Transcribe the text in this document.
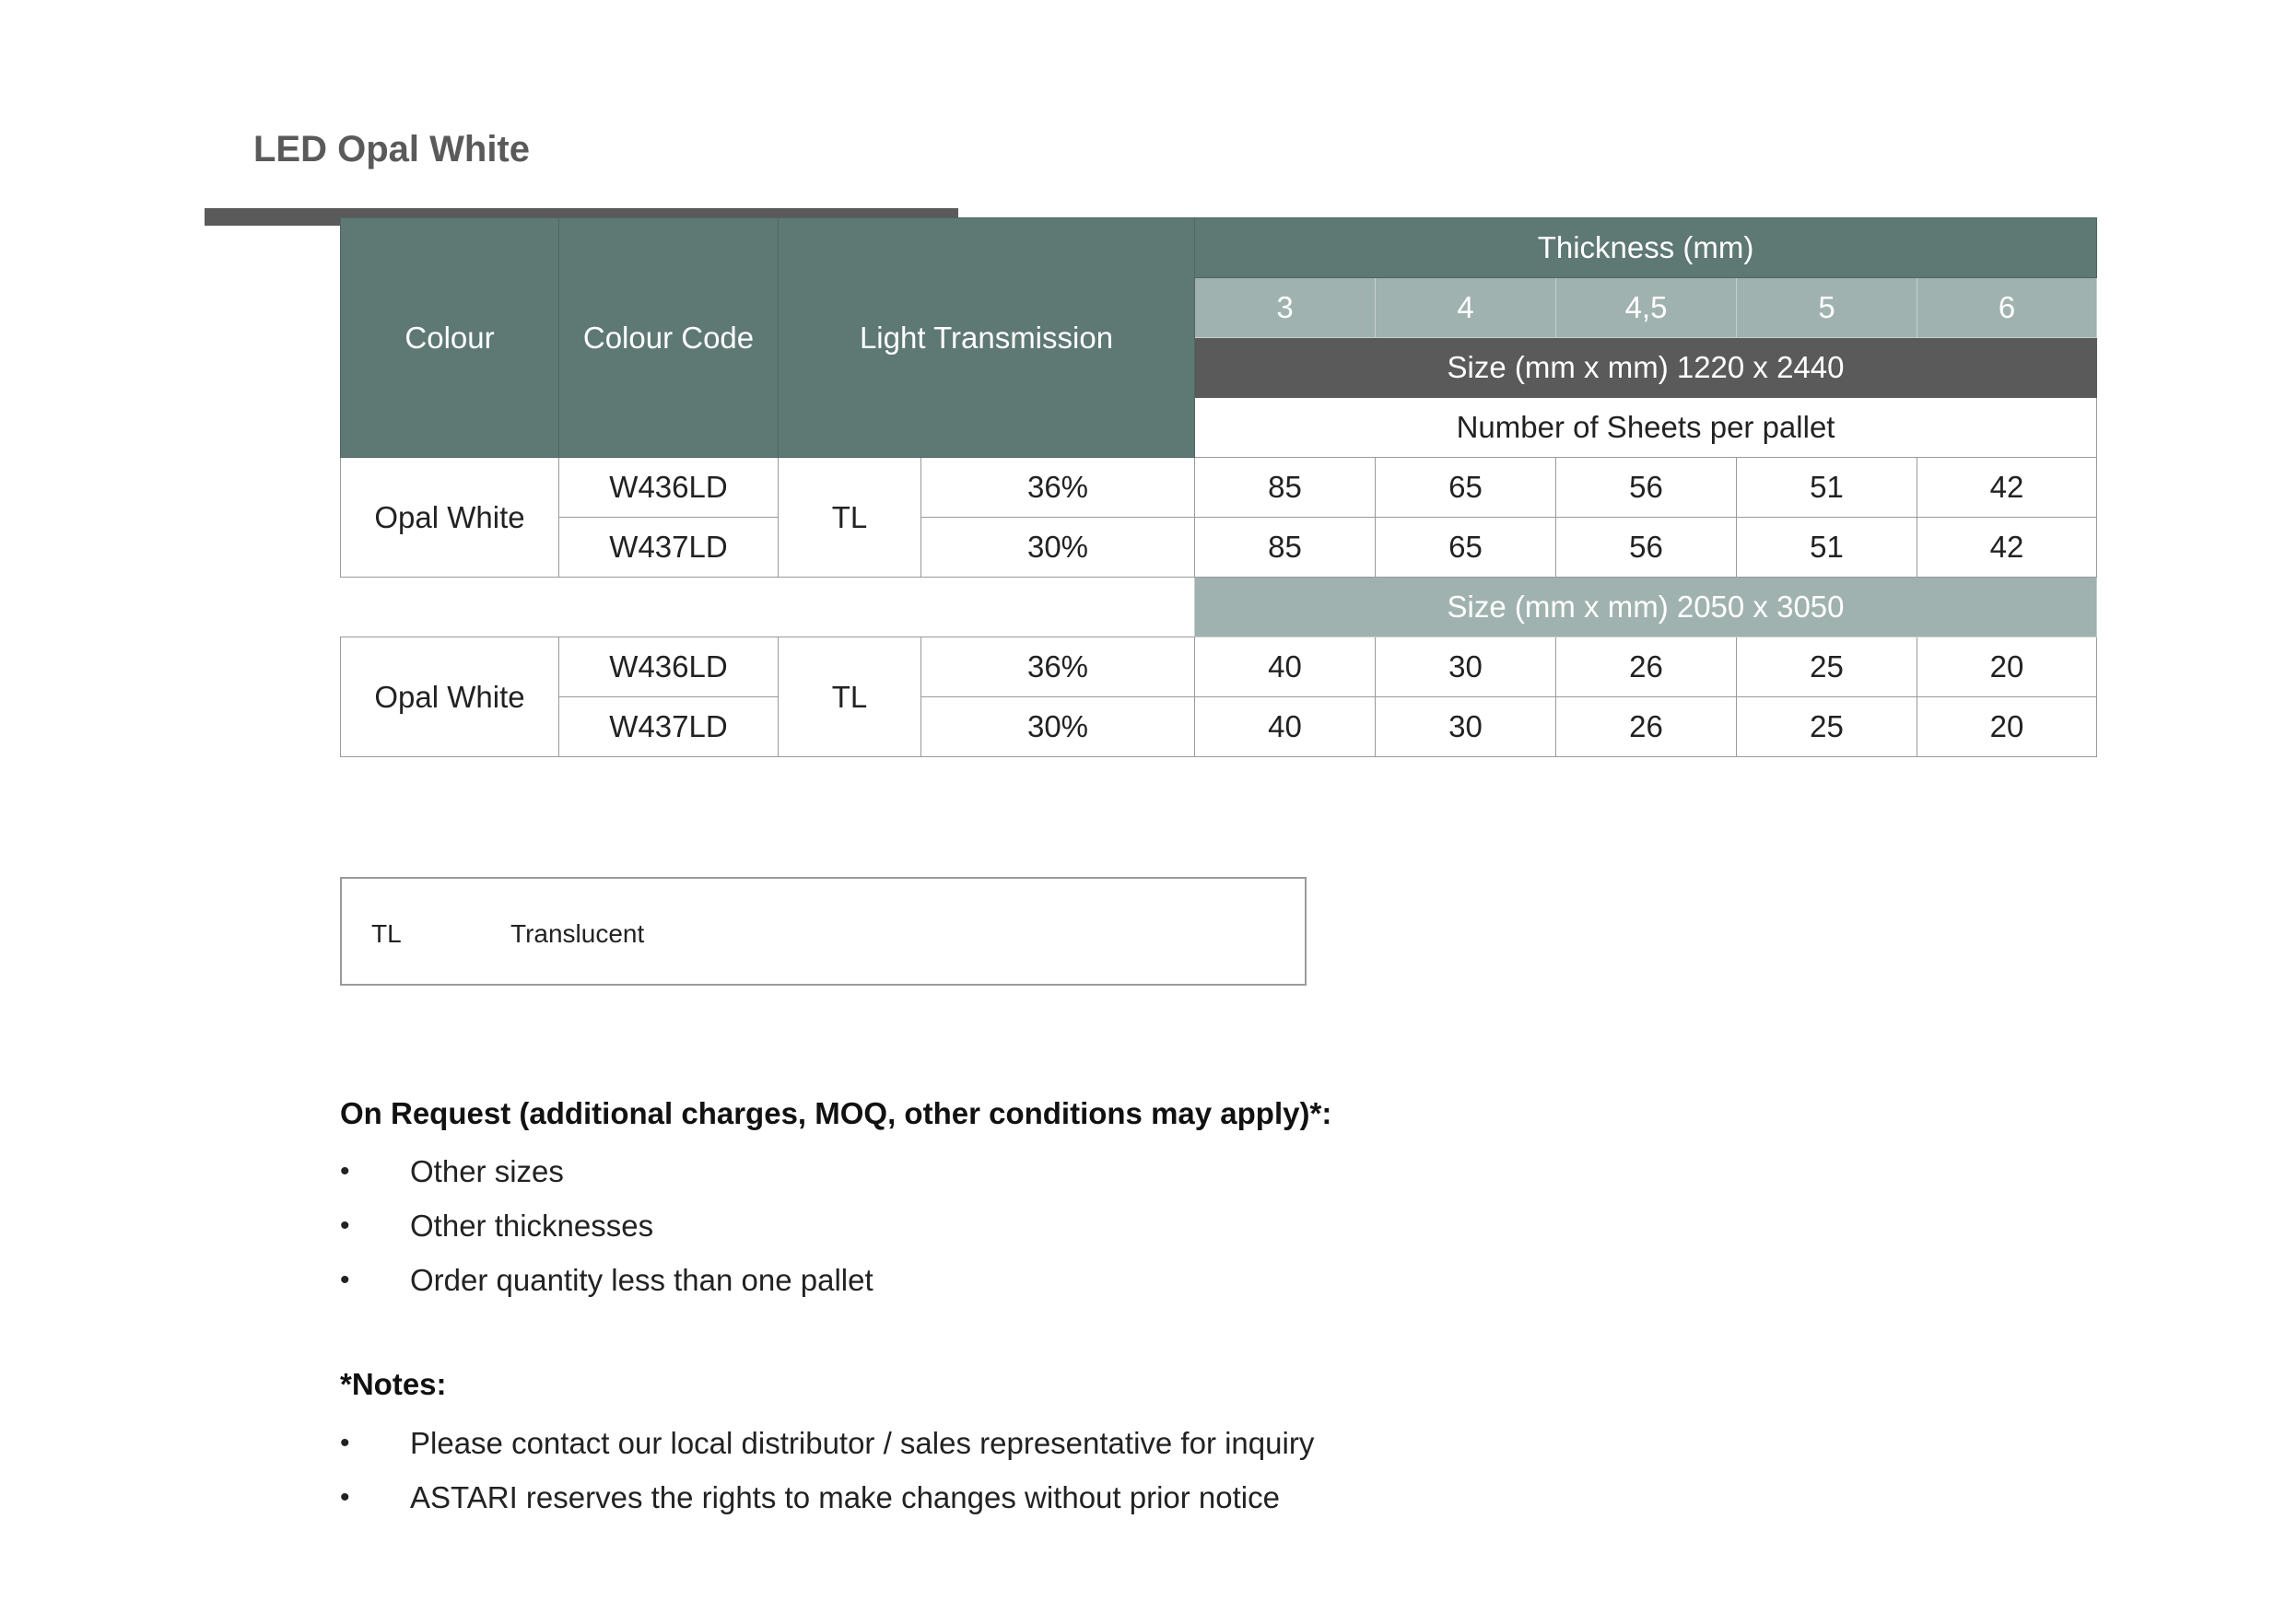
LED Opal White
Colour	Colour Code	Light Transmission		Thickness (mm)				
				3	4	4,5	5	6
				Size (mm x mm) 1220 x 2440				
				Number of Sheets per pallet				
Opal White	W436LD	TL	36%	85	65	56	51	42
	W437LD		30%	85	65	56	51	42
				Size (mm x mm) 2050 x 3050				
Opal White	W436LD	TL	36%	40	30	26	25	20
	W437LD		30%	40	30	26	25	20
TL	Translucent
On Request (additional charges, MOQ, other conditions may apply)*:
• Other sizes
• Other thicknesses
• Order quantity less than one pallet
*Notes:
• Please contact our local distributor / sales representative for inquiry
• ASTARI reserves the rights to make changes without prior notice
